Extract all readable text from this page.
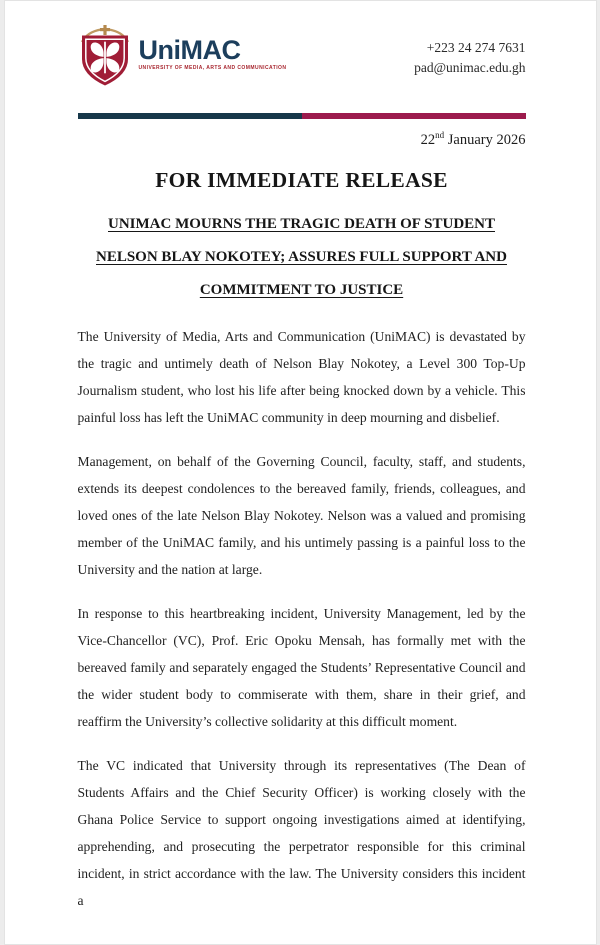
UniMAC
UNIVERSITY OF MEDIA, ARTS AND COMMUNICATION
+223 24 274 7631
pad@unimac.edu.gh
22nd January 2026
FOR IMMEDIATE RELEASE
UNIMAC MOURNS THE TRAGIC DEATH OF STUDENT NELSON BLAY NOKOTEY; ASSURES FULL SUPPORT AND COMMITMENT TO JUSTICE

The University of Media, Arts and Communication (UniMAC) is devastated by the tragic and untimely death of Nelson Blay Nokotey, a Level 300 Top-Up Journalism student, who lost his life after being knocked down by a vehicle. This painful loss has left the UniMAC community in deep mourning and disbelief.

Management, on behalf of the Governing Council, faculty, staff, and students, extends its deepest condolences to the bereaved family, friends, colleagues, and loved ones of the late Nelson Blay Nokotey. Nelson was a valued and promising member of the UniMAC family, and his untimely passing is a painful loss to the University and the nation at large.

In response to this heartbreaking incident, University Management, led by the Vice-Chancellor (VC), Prof. Eric Opoku Mensah, has formally met with the bereaved family and separately engaged the Students’ Representative Council and the wider student body to commiserate with them, share in their grief, and reaffirm the University’s collective solidarity at this difficult moment.

The VC indicated that University through its representatives (The Dean of Students Affairs and the Chief Security Officer) is working closely with the Ghana Police Service to support ongoing investigations aimed at identifying, apprehending, and prosecuting the perpetrator responsible for this criminal incident, in strict accordance with the law. The University considers this incident a
